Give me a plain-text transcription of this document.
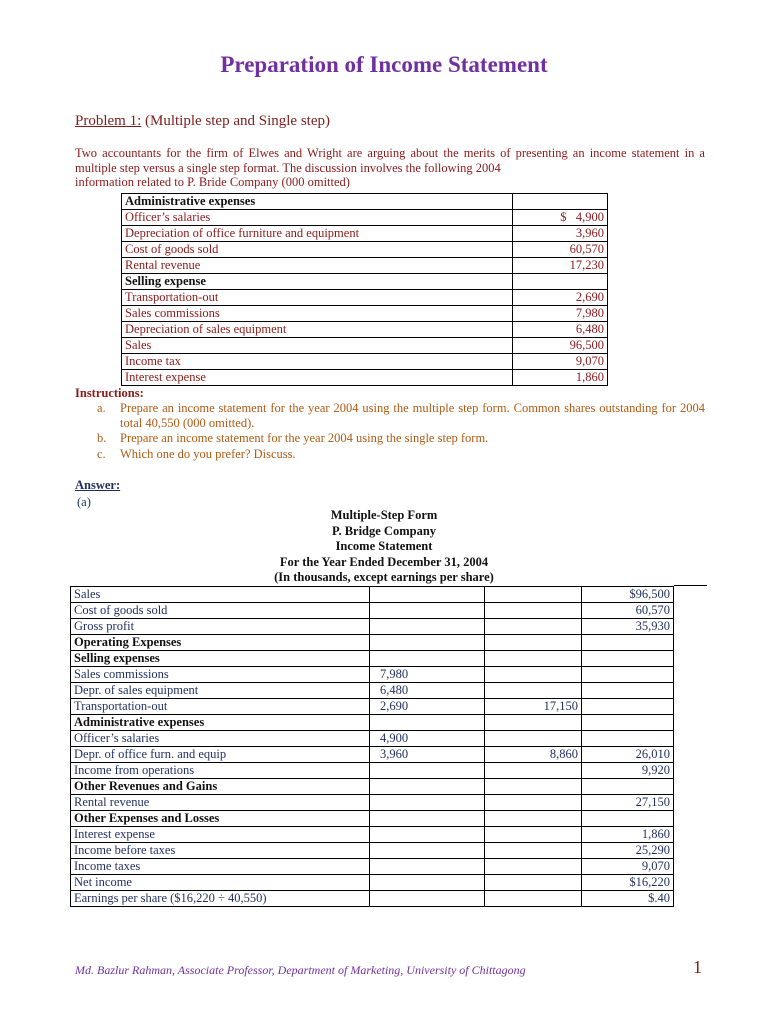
Preparation of Income Statement
Problem 1: (Multiple step and Single step)
Two accountants for the firm of Elwes and Wright are arguing about the merits of presenting an income statement in a multiple step versus a single step format. The discussion involves the following 2004
information related to P. Bride Company (000 omitted)
Administrative expenses	
Officer’s salaries	$   4,900
Depreciation of office furniture and equipment	3,960
Cost of goods sold	60,570
Rental revenue	17,230
Selling expense	
Transportation-out	2,690
Sales commissions	7,980
Depreciation of sales equipment	6,480
Sales	96,500
Income tax	9,070
Interest expense	1,860
Instructions:
a. Prepare an income statement for the year 2004 using the multiple step form. Common shares outstanding for 2004 total 40,550 (000 omitted).
b. Prepare an income statement for the year 2004 using the single step form.
c. Which one do you prefer? Discuss.
Answer:
(a)
Multiple-Step Form
P. Bridge Company
Income Statement
For the Year Ended December 31, 2004
(In thousands, except earnings per share)
Sales			$96,500
Cost of goods sold			60,570
Gross profit			35,930
Operating Expenses			
Selling expenses			
Sales commissions	7,980		
Depr. of sales equipment	6,480		
Transportation-out	2,690	17,150	
Administrative expenses			
Officer’s salaries	4,900		
Depr. of office furn. and equip	3,960	8,860	26,010
Income from operations			9,920
Other Revenues and Gains			
Rental revenue			27,150
Other Expenses and Losses			
Interest expense			1,860
Income before taxes			25,290
Income taxes			9,070
Net income			$16,220
Earnings per share ($16,220 ÷ 40,550)			$.40
Md. Bazlur Rahman, Associate Professor, Department of Marketing, University of Chittagong	1
